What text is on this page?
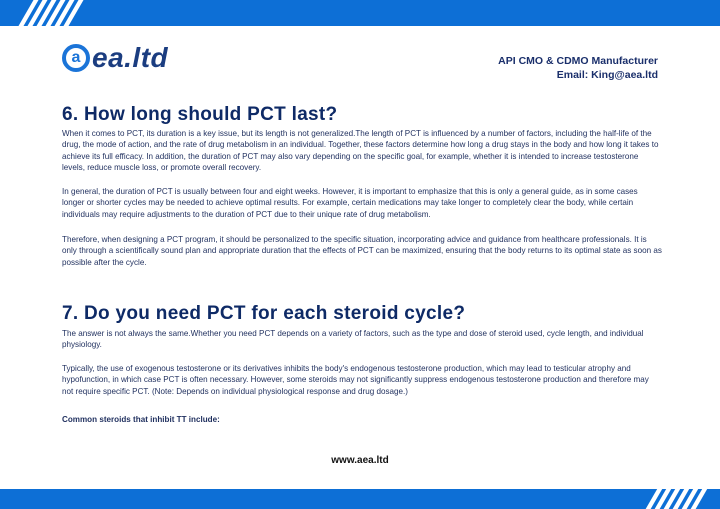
a ea.ltd	API CMO & CDMO Manufacturer
Email: King@aea.ltd
6. How long should PCT last?

When it comes to PCT, its duration is a key issue, but its length is not generalized.The length of PCT is influenced by a number of factors, including the half-life of the drug, the mode of action, and the rate of drug metabolism in an individual. Together, these factors determine how long a drug stays in the body and how long it takes to achieve its full efficacy. In addition, the duration of PCT may also vary depending on the specific goal, for example, whether it is intended to increase testosterone levels, reduce muscle loss, or promote overall recovery.

In general, the duration of PCT is usually between four and eight weeks. However, it is important to emphasize that this is only a general guide, as in some cases longer or shorter cycles may be needed to achieve optimal results. For example, certain medications may take longer to completely clear the body, while certain individuals may require adjustments to the duration of PCT due to their unique rate of drug metabolism.

Therefore, when designing a PCT program, it should be personalized to the specific situation, incorporating advice and guidance from healthcare professionals. It is only through a scientifically sound plan and appropriate duration that the effects of PCT can be maximized, ensuring that the body returns to its optimal state as soon as possible after the cycle.

7. Do you need PCT for each steroid cycle?

The answer is not always the same.Whether you need PCT depends on a variety of factors, such as the type and dose of steroid used, cycle length, and individual physiology.

Typically, the use of exogenous testosterone or its derivatives inhibits the body's endogenous testosterone production, which may lead to testicular atrophy and hypofunction, in which case PCT is often necessary. However, some steroids may not significantly suppress endogenous testosterone production and therefore may not require specific PCT. (Note: Depends on individual physiological response and drug dosage.)

Common steroids that inhibit TT include:

www.aea.ltd
